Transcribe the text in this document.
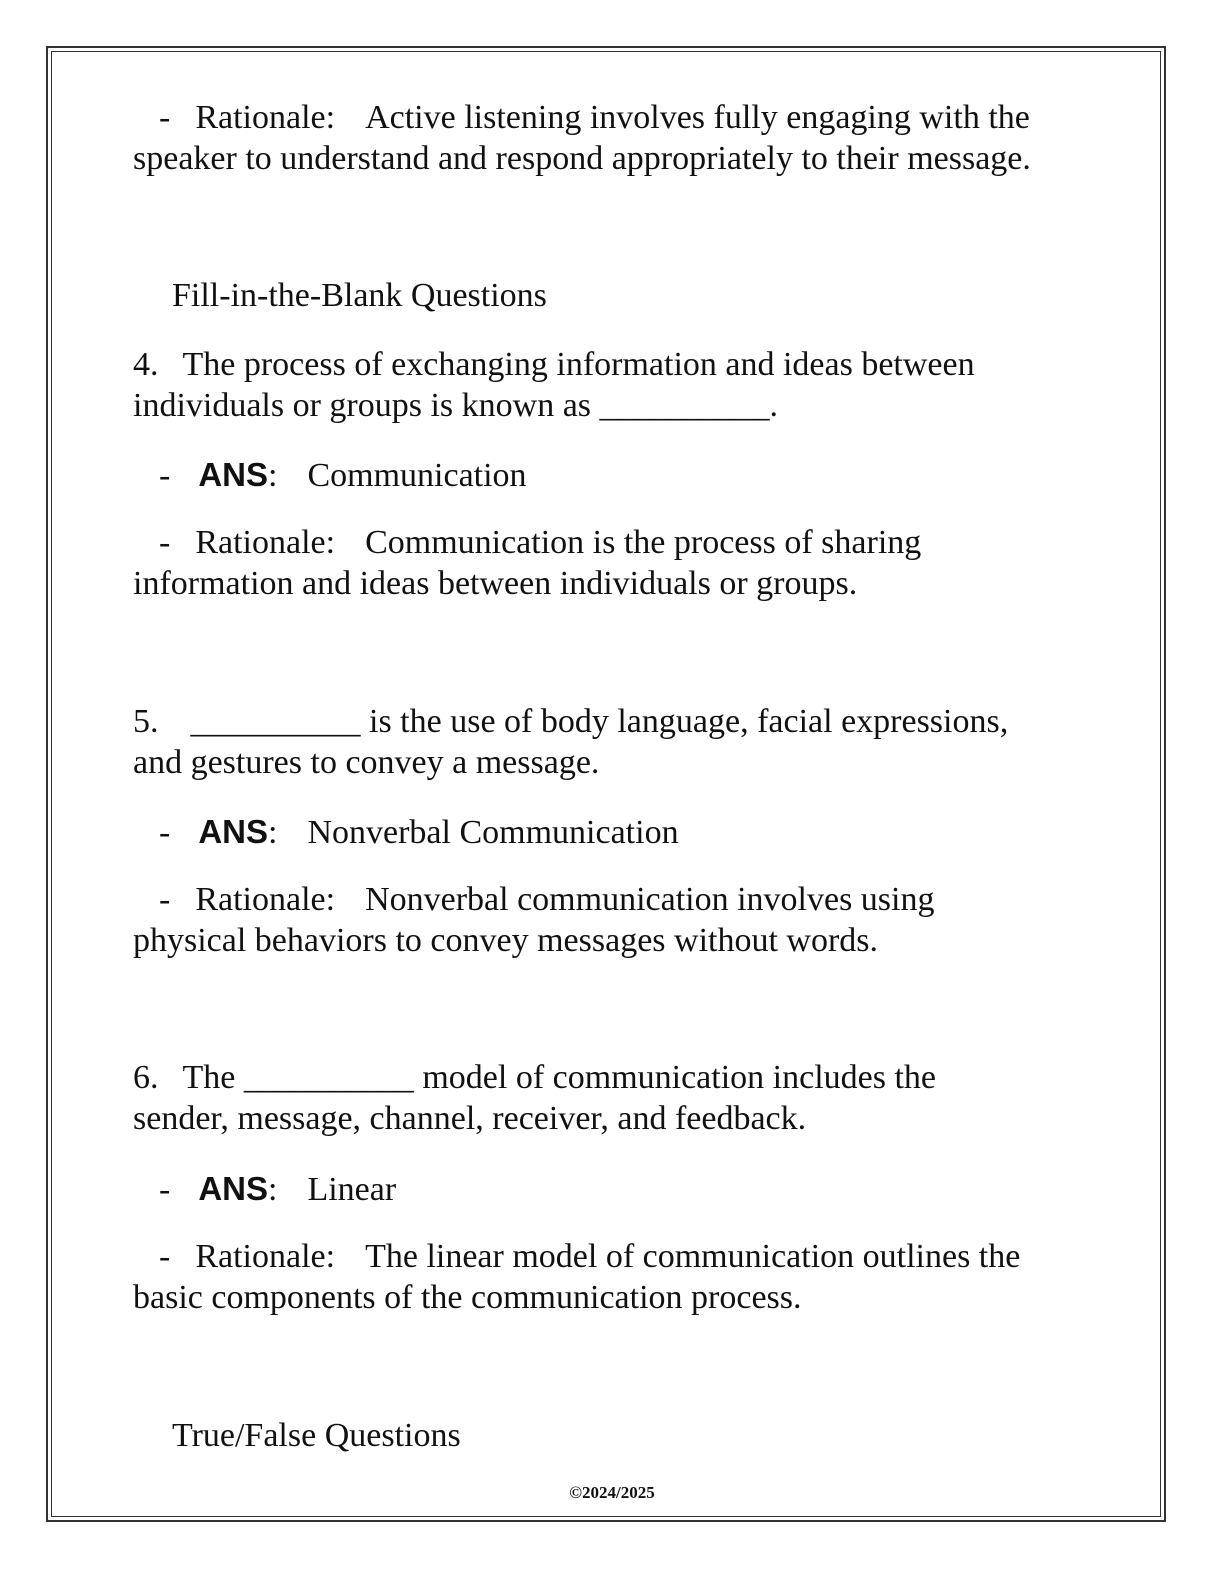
- Rationale: Active listening involves fully engaging with the
speaker to understand and respond appropriately to their message.
Fill-in-the-Blank Questions
4. The process of exchanging information and ideas between
individuals or groups is known as __________.
- ANS: Communication
- Rationale: Communication is the process of sharing
information and ideas between individuals or groups.
5. __________ is the use of body language, facial expressions,
and gestures to convey a message.
- ANS: Nonverbal Communication
- Rationale: Nonverbal communication involves using
physical behaviors to convey messages without words.
6. The __________ model of communication includes the
sender, message, channel, receiver, and feedback.
- ANS: Linear
- Rationale: The linear model of communication outlines the
basic components of the communication process.
True/False Questions
©2024/2025
